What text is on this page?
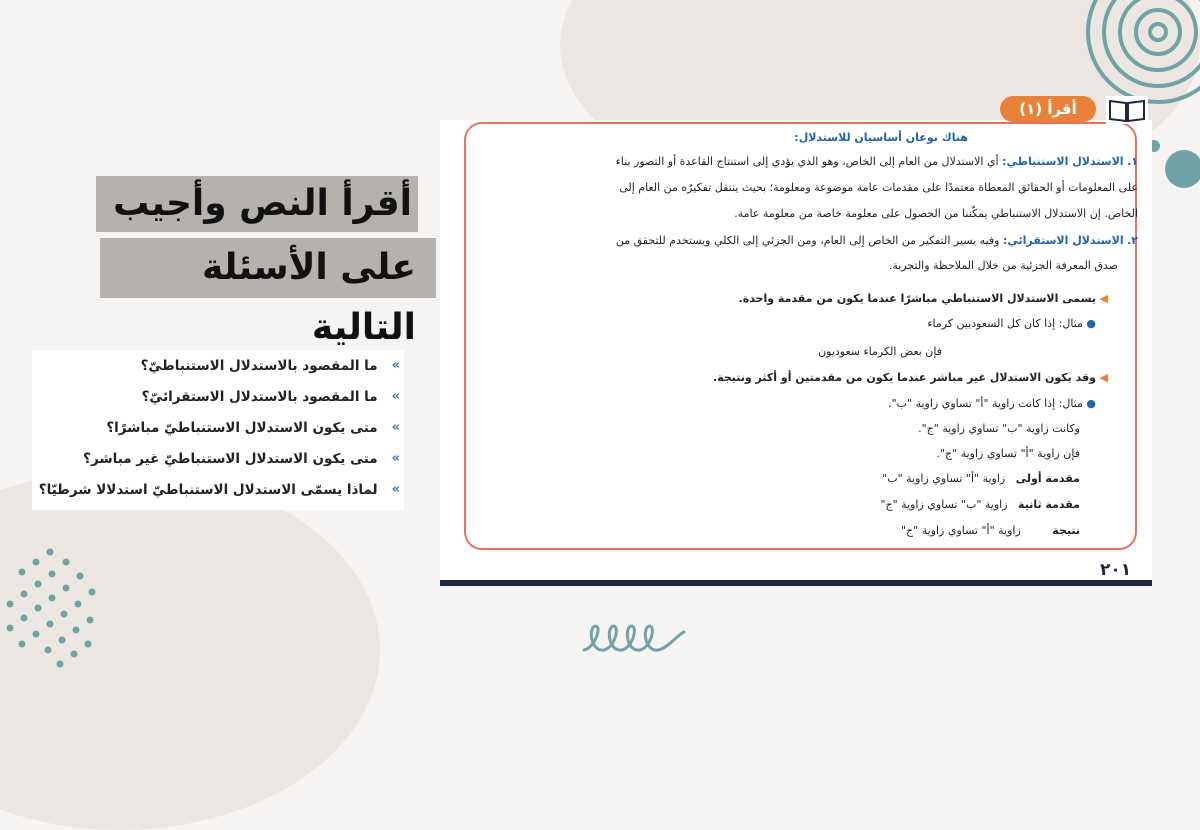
أقرأ النص وأجيب
على الأسئلة التالية
»
ما المقصود بالاستدلال الاستنباطيّ؟
»
ما المقصود بالاستدلال الاستقرائيّ؟
»
متى يكون الاستدلال الاستنباطيّ مباشرًا؟
»
متى يكون الاستدلال الاستنباطيّ غير مباشر؟
»
لماذا يسمّى الاستدلال الاستنباطيّ استدلالا شرطيّا؟
أقرأ (١)
هناك نوعان أساسيان للاستدلال:
١. الاستدلال الاستنباطي: أي الاستدلال من العام إلى الخاص، وهو الذي يؤدي إلى استنتاج القاعدة أو التصور بناء
على المعلومات أو الحقائق المعطاة معتمدًا على مقدمات عامة موضوعة ومعلومة؛ بحيث ينتقل تفكيرُه من العام إلى
الخاص. إن الاستدلال الاستنباطي يمكّننا من الحصول على معلومة خاصة من معلومة عامة.
٢. الاستدلال الاستقرائي: وفيه يسير التفكير من الخاص إلى العام، ومن الجزئي إلى الكلي ويستخدم للتحقق من
صدق المعرفة الجزئية من خلال الملاحظة والتجربة.
◀ يسمى الاستدلال الاستنباطي مباشرًا عندما يكون من مقدمة واحدة.
● مثال: إذا كان كل السعوديين كرماء
فإن بعض الكرماء سعوديون
◀ وقد يكون الاستدلال غير مباشر عندما يكون من مقدمتين أو أكثر ونتيجة.
● مثال: إذا كانت زاوية "أ" تساوي زاوية "ب".
وكانت زاوية "ب" تساوي زاوية "ج".
فإن زاوية "أ" تساوي زاوية "ج".
مقدمة أولى   زاوية "أ" تساوي زاوية "ب"
مقدمة ثانية   زاوية "ب" تساوي زاوية "ج"
نتيجة         زاوية "أ" تساوي زاوية "ج"
٢٠١
